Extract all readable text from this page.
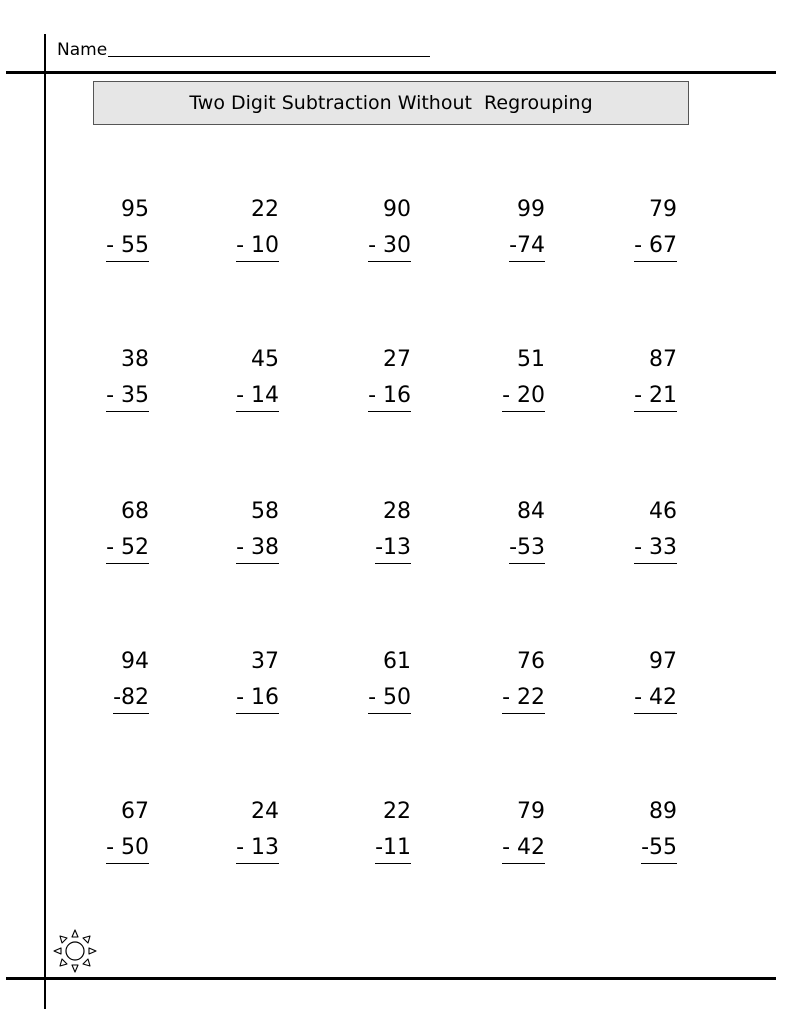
Name
Two Digit Subtraction Without  Regrouping
95
- 55
22
- 10
90
- 30
99
-74
79
- 67
38
- 35
45
- 14
27
- 16
51
- 20
87
- 21
68
- 52
58
- 38
28
-13
84
-53
46
- 33
94
-82
37
- 16
61
- 50
76
- 22
97
- 42
67
- 50
24
- 13
22
-11
79
- 42
89
-55
